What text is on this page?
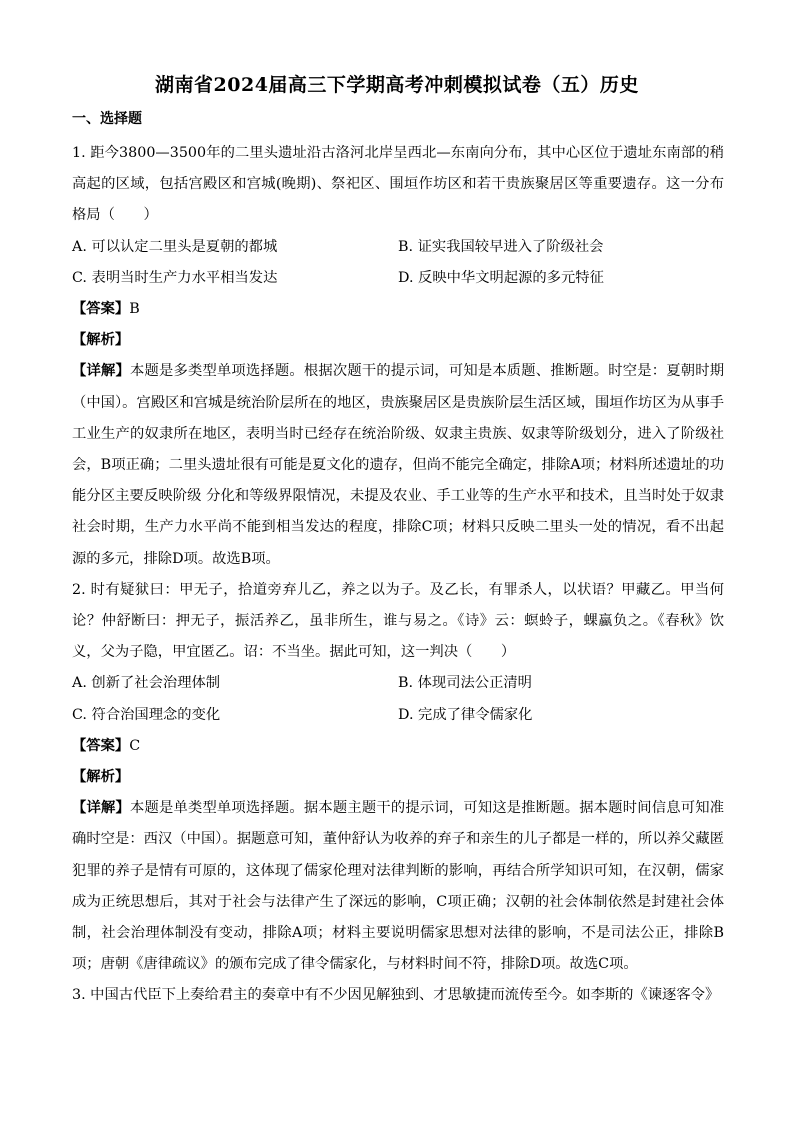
湖南省2024届高三下学期高考冲刺模拟试卷（五）历史
一、选择题

1. 距今3800—3500年的二里头遗址沿古洛河北岸呈西北—东南向分布，其中心区位于遗址东南部的稍高起的区域，包括宫殿区和宫城(晚期)、祭祀区、围垣作坊区和若干贵族聚居区等重要遗存。这一分布格局（　　）

A. 可以认定二里头是夏朝的都城	B. 证实我国较早进入了阶级社会
C. 表明当时生产力水平相当发达	D. 反映中华文明起源的多元特征

【答案】B

【解析】

【详解】本题是多类型单项选择题。根据次题干的提示词，可知是本质题、推断题。时空是：夏朝时期（中国）。宫殿区和宫城是统治阶层所在的地区，贵族聚居区是贵族阶层生活区域，围垣作坊区为从事手工业生产的奴隶所在地区，表明当时已经存在统治阶级、奴隶主贵族、奴隶等阶级划分，进入了阶级社会，B项正确；二里头遗址很有可能是夏文化的遗存，但尚不能完全确定，排除A项；材料所述遗址的功能分区主要反映阶级 分化和等级界限情况，未提及农业、手工业等的生产水平和技术，且当时处于奴隶社会时期，生产力水平尚不能到相当发达的程度，排除C项；材料只反映二里头一处的情况，看不出起源的多元，排除D项。故选B项。

2. 时有疑狱曰：甲无子，拾道旁弃儿乙，养之以为子。及乙长，有罪杀人，以状语？甲藏乙。甲当何论？仲舒断曰：押无子，振活养乙，虽非所生，谁与易之。《诗》云：螟蛉子，蜾蠃负之。《春秋》饮义，父为子隐，甲宜匿乙。诏：不当坐。据此可知，这一判决（　　）

A. 创新了社会治理体制	B. 体现司法公正清明
C. 符合治国理念的变化	D. 完成了律令儒家化

【答案】C

【解析】

【详解】本题是单类型单项选择题。据本题主题干的提示词，可知这是推断题。据本题时间信息可知准确时空是：西汉（中国）。据题意可知，董仲舒认为收养的弃子和亲生的儿子都是一样的，所以养父藏匿犯罪的养子是情有可原的，这体现了儒家伦理对法律判断的影响，再结合所学知识可知，在汉朝，儒家成为正统思想后，其对于社会与法律产生了深远的影响，C项正确；汉朝的社会体制依然是封建社会体制，社会治理体制没有变动，排除A项；材料主要说明儒家思想对法律的影响，不是司法公正，排除B项；唐朝《唐律疏议》的颁布完成了律令儒家化，与材料时间不符，排除D项。故选C项。

3. 中国古代臣下上奏给君主的奏章中有不少因见解独到、才思敏捷而流传至今。如李斯的《谏逐客令》
